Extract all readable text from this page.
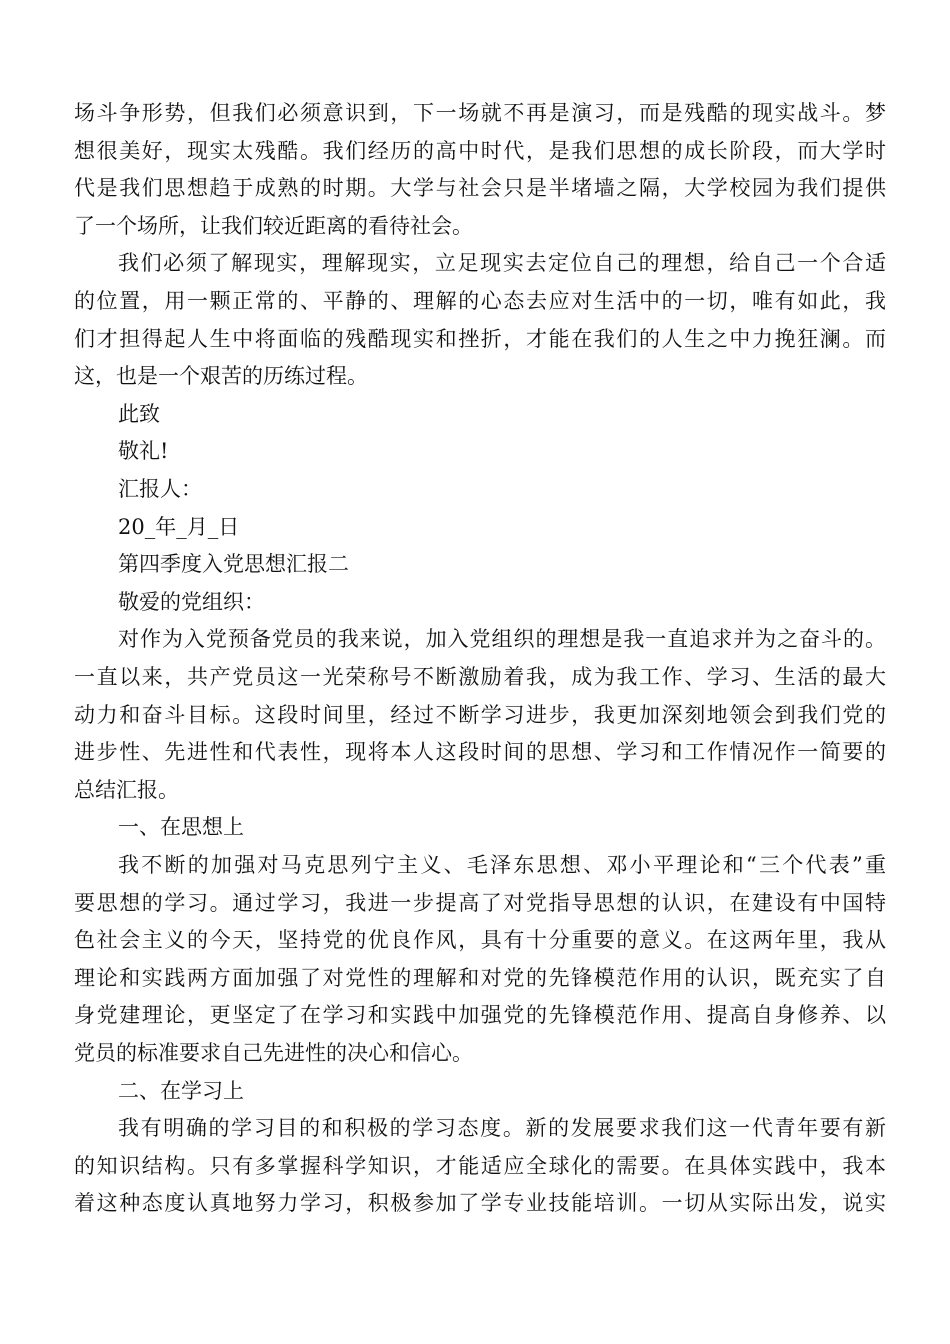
场斗争形势，但我们必须意识到，下一场就不再是演习，而是残酷的现实战斗。梦
想很美好，现实太残酷。我们经历的高中时代，是我们思想的成长阶段，而大学时
代是我们思想趋于成熟的时期。大学与社会只是半堵墙之隔，大学校园为我们提供
了一个场所，让我们较近距离的看待社会。
我们必须了解现实，理解现实，立足现实去定位自己的理想，给自己一个合适
的位置，用一颗正常的、平静的、理解的心态去应对生活中的一切，唯有如此，我
们才担得起人生中将面临的残酷现实和挫折，才能在我们的人生之中力挽狂澜。而
这，也是一个艰苦的历练过程。
此致
敬礼!
汇报人：
20_年_月_日
第四季度入党思想汇报二
敬爱的党组织：
对作为入党预备党员的我来说，加入党组织的理想是我一直追求并为之奋斗的。
一直以来，共产党员这一光荣称号不断激励着我，成为我工作、学习、生活的最大
动力和奋斗目标。这段时间里，经过不断学习进步，我更加深刻地领会到我们党的
进步性、先进性和代表性，现将本人这段时间的思想、学习和工作情况作一简要的
总结汇报。
一、在思想上
我不断的加强对马克思列宁主义、毛泽东思想、邓小平理论和“三个代表”重
要思想的学习。通过学习，我进一步提高了对党指导思想的认识，在建设有中国特
色社会主义的今天，坚持党的优良作风，具有十分重要的意义。在这两年里，我从
理论和实践两方面加强了对党性的理解和对党的先锋模范作用的认识，既充实了自
身党建理论，更坚定了在学习和实践中加强党的先锋模范作用、提高自身修养、以
党员的标准要求自己先进性的决心和信心。
二、在学习上
我有明确的学习目的和积极的学习态度。新的发展要求我们这一代青年要有新
的知识结构。只有多掌握科学知识，才能适应全球化的需要。在具体实践中，我本
着这种态度认真地努力学习，积极参加了学专业技能培训。一切从实际出发，说实
